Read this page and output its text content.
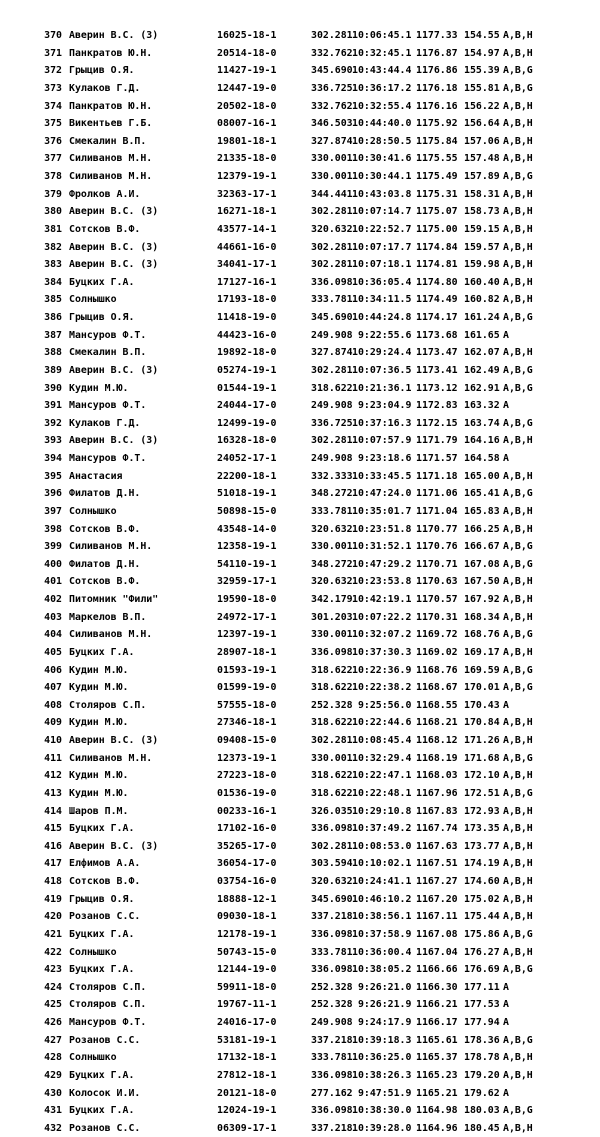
370 Аверин В.С. (3)	16025-18-1	302.281 10:06:45.1 1177.33 154.55 А,В,Н
371 Панкратов Ю.Н.	20514-18-0	332.762 10:32:45.1 1176.87 154.97 А,В,Н
372 Грыцив О.Я.	11427-19-1	345.690 10:43:44.4 1176.86 155.39 А,В,G
373 Кулаков Г.Д.	12447-19-0	336.725 10:36:17.2 1176.18 155.81 А,В,G
374 Панкратов Ю.Н.	20502-18-0	332.762 10:32:55.4 1176.16 156.22 А,В,Н
375 Викентьев Г.Б.	08007-16-1	346.503 10:44:40.0 1175.92 156.64 А,В,Н
376 Смекалин В.П.	19801-18-1	327.874 10:28:50.5 1175.84 157.06 А,В,Н
377 Силиванов М.Н.	21335-18-0	330.001 10:30:41.6 1175.55 157.48 А,В,Н
378 Силиванов М.Н.	12379-19-1	330.001 10:30:44.1 1175.49 157.89 А,В,G
379 Фролков А.И.	32363-17-1	344.441 10:43:03.8 1175.31 158.31 А,В,Н
380 Аверин В.С. (3)	16271-18-1	302.281 10:07:14.7 1175.07 158.73 А,В,Н
381 Сотсков В.Ф.	43577-14-1	320.632 10:22:52.7 1175.00 159.15 А,В,Н
382 Аверин В.С. (3)	44661-16-0	302.281 10:07:17.7 1174.84 159.57 А,В,Н
383 Аверин В.С. (3)	34041-17-1	302.281 10:07:18.1 1174.81 159.98 А,В,Н
384 Буцких Г.А.	17127-16-1	336.098 10:36:05.4 1174.80 160.40 А,В,Н
385 Солнышко	17193-18-0	333.781 10:34:11.5 1174.49 160.82 А,В,Н
386 Грыцив О.Я.	11418-19-0	345.690 10:44:24.8 1174.17 161.24 А,В,G
387 Мансуров Ф.Т.	44423-16-0	249.908 9:22:55.6 1173.68 161.65 А
388 Смекалин В.П.	19892-18-0	327.874 10:29:24.4 1173.47 162.07 А,В,Н
389 Аверин В.С. (3)	05274-19-1	302.281 10:07:36.5 1173.41 162.49 А,В,G
390 Кудин М.Ю.	01544-19-1	318.622 10:21:36.1 1173.12 162.91 А,В,G
391 Мансуров Ф.Т.	24044-17-0	249.908 9:23:04.9 1172.83 163.32 А
392 Кулаков Г.Д.	12499-19-0	336.725 10:37:16.3 1172.15 163.74 А,В,G
393 Аверин В.С. (3)	16328-18-0	302.281 10:07:57.9 1171.79 164.16 А,В,Н
394 Мансуров Ф.Т.	24052-17-1	249.908 9:23:18.6 1171.57 164.58 А
395 Анастасия	22200-18-1	332.333 10:33:45.5 1171.18 165.00 А,В,Н
396 Филатов Д.Н.	51018-19-1	348.272 10:47:24.0 1171.06 165.41 А,В,G
397 Солнышко	50898-15-0	333.781 10:35:01.7 1171.04 165.83 А,В,Н
398 Сотсков В.Ф.	43548-14-0	320.632 10:23:51.8 1170.77 166.25 А,В,Н
399 Силиванов М.Н.	12358-19-1	330.001 10:31:52.1 1170.76 166.67 А,В,G
400 Филатов Д.Н.	54110-19-1	348.272 10:47:29.2 1170.71 167.08 А,В,G
401 Сотсков В.Ф.	32959-17-1	320.632 10:23:53.8 1170.63 167.50 А,В,Н
402 Питомник "Фили"	19590-18-0	342.179 10:42:19.1 1170.57 167.92 А,В,Н
403 Маркелов В.П.	24972-17-1	301.203 10:07:22.2 1170.31 168.34 А,В,Н
404 Силиванов М.Н.	12397-19-1	330.001 10:32:07.2 1169.72 168.76 А,В,G
405 Буцких Г.А.	28907-18-1	336.098 10:37:30.3 1169.02 169.17 А,В,Н
406 Кудин М.Ю.	01593-19-1	318.622 10:22:36.9 1168.76 169.59 А,В,G
407 Кудин М.Ю.	01599-19-0	318.622 10:22:38.2 1168.67 170.01 А,В,G
408 Столяров С.П.	57555-18-0	252.328 9:25:56.0 1168.55 170.43 А
409 Кудин М.Ю.	27346-18-1	318.622 10:22:44.6 1168.21 170.84 А,В,Н
410 Аверин В.С. (3)	09408-15-0	302.281 10:08:45.4 1168.12 171.26 А,В,Н
411 Силиванов М.Н.	12373-19-1	330.001 10:32:29.4 1168.19 171.68 А,В,G
412 Кудин М.Ю.	27223-18-0	318.622 10:22:47.1 1168.03 172.10 А,В,Н
413 Кудин М.Ю.	01536-19-0	318.622 10:22:48.1 1167.96 172.51 А,В,G
414 Шаров П.М.	00233-16-1	326.035 10:29:10.8 1167.83 172.93 А,В,Н
415 Буцких Г.А.	17102-16-0	336.098 10:37:49.2 1167.74 173.35 А,В,Н
416 Аверин В.С. (3)	35265-17-0	302.281 10:08:53.0 1167.63 173.77 А,В,Н
417 Елфимов А.А.	36054-17-0	303.594 10:10:02.1 1167.51 174.19 А,В,Н
418 Сотсков В.Ф.	03754-16-0	320.632 10:24:41.1 1167.27 174.60 А,В,Н
419 Грыцив О.Я.	18888-12-1	345.690 10:46:10.2 1167.20 175.02 А,В,Н
420 Розанов С.С.	09030-18-1	337.218 10:38:56.1 1167.11 175.44 А,В,Н
421 Буцких Г.А.	12178-19-1	336.098 10:37:58.9 1167.08 175.86 А,В,G
422 Солнышко	50743-15-0	333.781 10:36:00.4 1167.04 176.27 А,В,Н
423 Буцких Г.А.	12144-19-0	336.098 10:38:05.2 1166.66 176.69 А,В,G
424 Столяров С.П.	59911-18-0	252.328 9:26:21.0 1166.30 177.11 А
425 Столяров С.П.	19767-11-1	252.328 9:26:21.9 1166.21 177.53 А
426 Мансуров Ф.Т.	24016-17-0	249.908 9:24:17.9 1166.17 177.94 А
427 Розанов С.С.	53181-19-1	337.218 10:39:18.3 1165.61 178.36 А,В,G
428 Солнышко	17132-18-1	333.781 10:36:25.0 1165.37 178.78 А,В,Н
429 Буцких Г.А.	27812-18-1	336.098 10:38:26.3 1165.23 179.20 А,В,Н
430 Колосок И.И.	20121-18-0	277.162 9:47:51.9 1165.21 179.62 А
431 Буцких Г.А.	12024-19-1	336.098 10:38:30.0 1164.98 180.03 А,В,G
432 Розанов С.С.	06309-17-1	337.218 10:39:28.0 1164.96 180.45 А,В,Н
